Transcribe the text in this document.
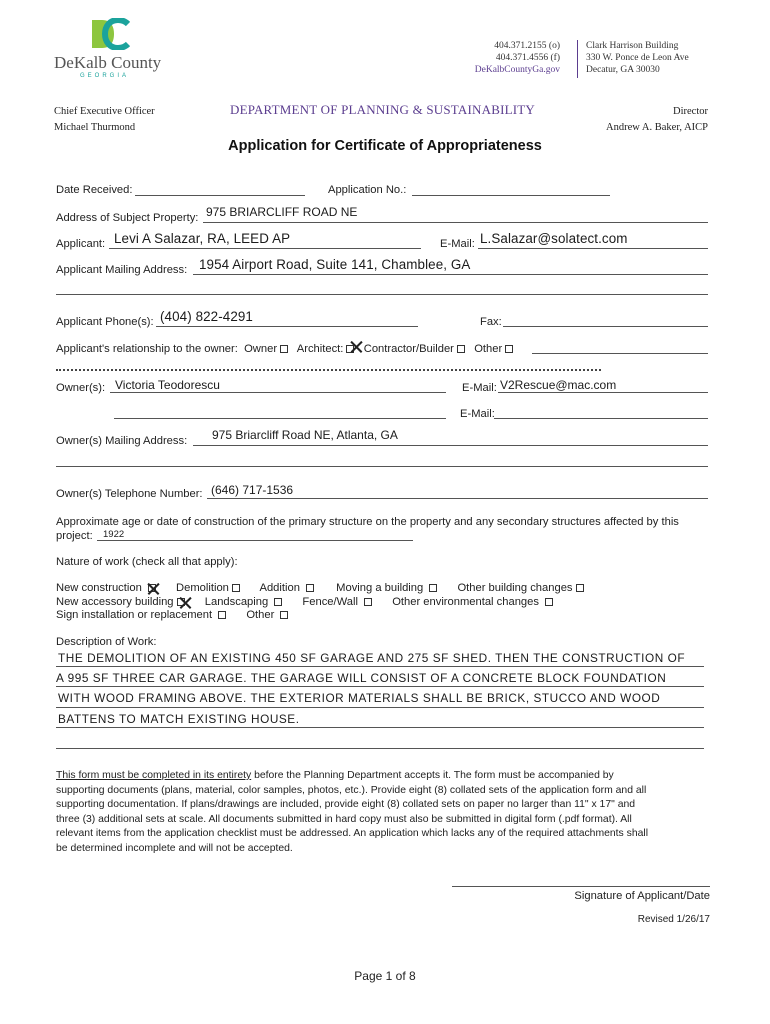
DeKalb County
GEORGIA
404.371.2155 (o)
404.371.4556 (f)
DeKalbCountyGa.gov
Clark Harrison Building
330 W. Ponce de Leon Ave
Decatur, GA 30030
Chief Executive Officer
Michael Thurmond
DEPARTMENT OF PLANNING & SUSTAINABILITY	Director
Andrew A. Baker, AICP
Application for Certificate of Appropriateness
Date Received:	Application No.:
Address of Subject Property: 975 BRIARCLIFF ROAD NE
Applicant: Levi A Salazar, RA, LEED AP	E-Mail: L.Salazar@solatect.com
Applicant Mailing Address: 1954 Airport Road, Suite 141, Chamblee, GA
Applicant Phone(s): (404) 822-4291	Fax:
Applicant's relationship to the owner: Owner Architect: Contractor/Builder Other
Owner(s): Victoria Teodorescu	E-Mail: V2Rescue@mac.com
E-Mail:
Owner(s) Mailing Address: 975 Briarcliff Road NE, Atlanta, GA
Owner(s) Telephone Number: (646) 717-1536
Approximate age or date of construction of the primary structure on the property and any secondary structures affected by this
project: 1922
Nature of work (check all that apply):
New construction	Demolition	Addition	Moving a building	Other building changes
New accessory building	Landscaping	Fence/Wall	Other environmental changes
Sign installation or replacement	Other
Description of Work:
THE DEMOLITION OF AN EXISTING 450 SF GARAGE AND 275 SF SHED. THEN THE CONSTRUCTION OF
A 995 SF THREE CAR GARAGE. THE GARAGE WILL CONSIST OF A CONCRETE BLOCK FOUNDATION
WITH WOOD FRAMING ABOVE. THE EXTERIOR MATERIALS SHALL BE BRICK, STUCCO AND WOOD
BATTENS TO MATCH EXISTING HOUSE.
This form must be completed in its entirety before the Planning Department accepts it. The form must be accompanied by
supporting documents (plans, material, color samples, photos, etc.). Provide eight (8) collated sets of the application form and all
supporting documentation. If plans/drawings are included, provide eight (8) collated sets on paper no larger than 11" x 17" and
three (3) additional sets at scale. All documents submitted in hard copy must also be submitted in digital form (.pdf format). All
relevant items from the application checklist must be addressed. An application which lacks any of the required attachments shall
be determined incomplete and will not be accepted.
Signature of Applicant/Date
Revised 1/26/17
Page 1 of 8
